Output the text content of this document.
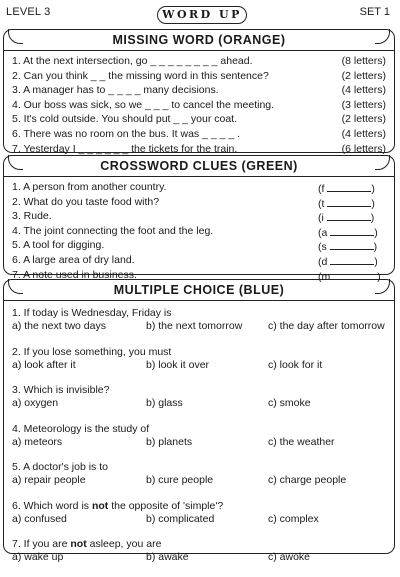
LEVEL 3	WORD UP	SET 1
MISSING WORD (ORANGE)
1. At the next intersection, go _ _ _ _ _ _ _ _ ahead.	(8 letters)
2. Can you think _ _ the missing word in this sentence?	(2 letters)
3. A manager has to _ _ _ _ many decisions.	(4 letters)
4. Our boss was sick, so we _ _ _ to cancel the meeting.	(3 letters)
5. It's cold outside. You should put _ _ your coat.	(2 letters)
6. There was no room on the bus. It was _ _ _ _ .	(4 letters)
7. Yesterday I _ _ _ _ _ _ the tickets for the train.	(6 letters)
CROSSWORD CLUES (GREEN)
1. A person from another country.	(f	)
2. What do you taste food with?	(t	)
3. Rude.	(i	)
4. The joint connecting the foot and the leg.	(a	)
5. A tool for digging.	(s	)
6. A large area of dry land.	(d	)
7. A note used in business.	(m	)
MULTIPLE CHOICE (BLUE)
1. If today is Wednesday, Friday is
a) the next two days	b) the next tomorrow c) the day after tomorrow
2. If you lose something, you must
a) look after it	b) look it over	c) look for it
3. Which is invisible?
a) oxygen	b) glass	c) smoke
4. Meteorology is the study of
a) meteors	b) planets	c) the weather
5. A doctor's job is to
a) repair people	b) cure people	c) charge people
6. Which word is not the opposite of 'simple'?
a) confused	b) complicated	c) complex
7. If you are not asleep, you are
a) wake up	b) awake	c) awoke
